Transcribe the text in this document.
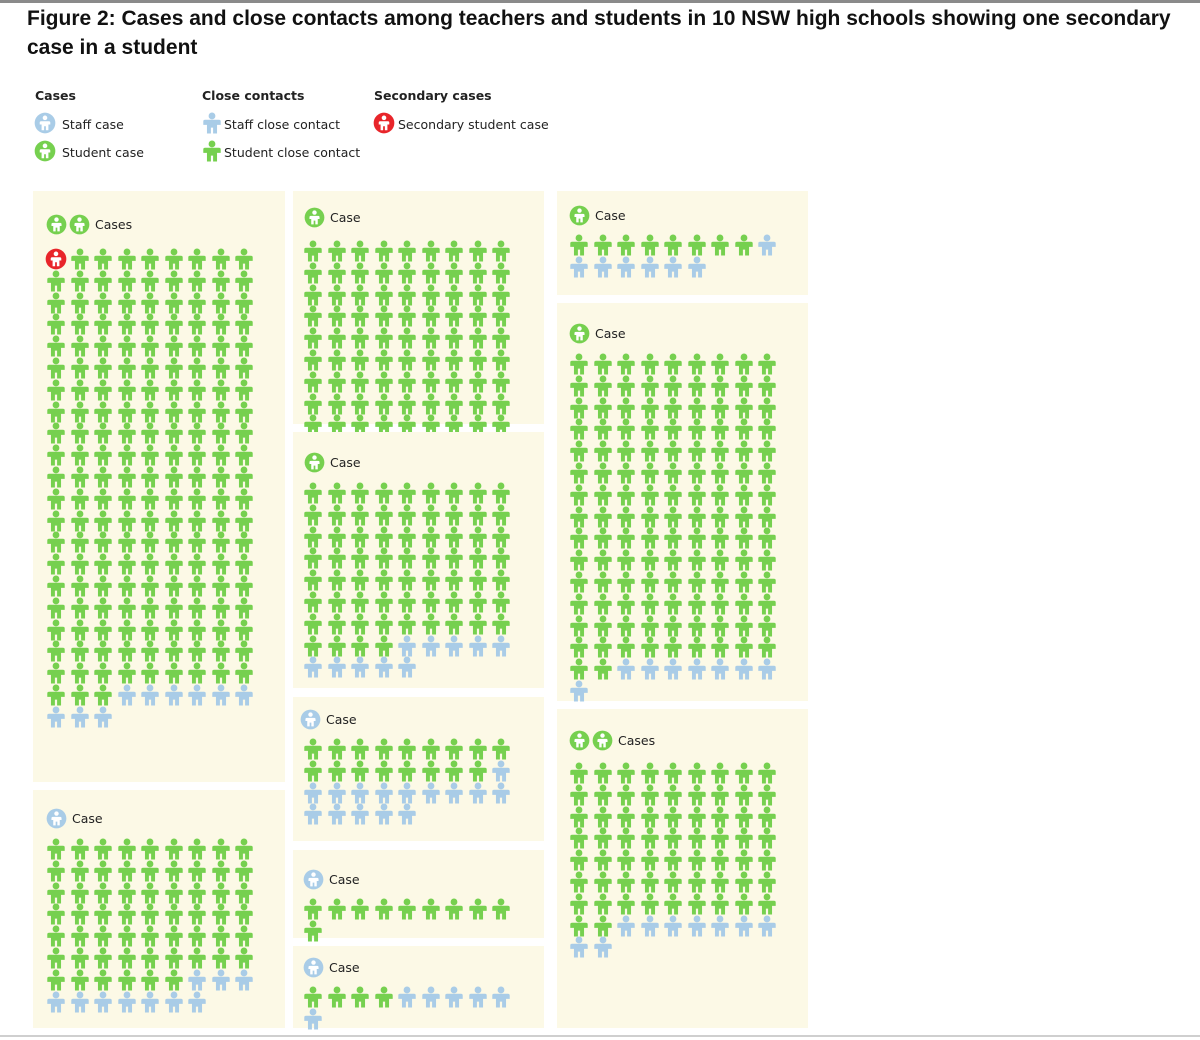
Figure 2: Cases and close contacts among teachers and students in 10 NSW high schools showing one secondary case in a student
Cases	Close contacts	Secondary cases
Staff case
Student case
Staff close contact
Student close contact
Secondary student case
Cases
Case
Case
Case
Case
Case
Case
Case
Case
Cases
